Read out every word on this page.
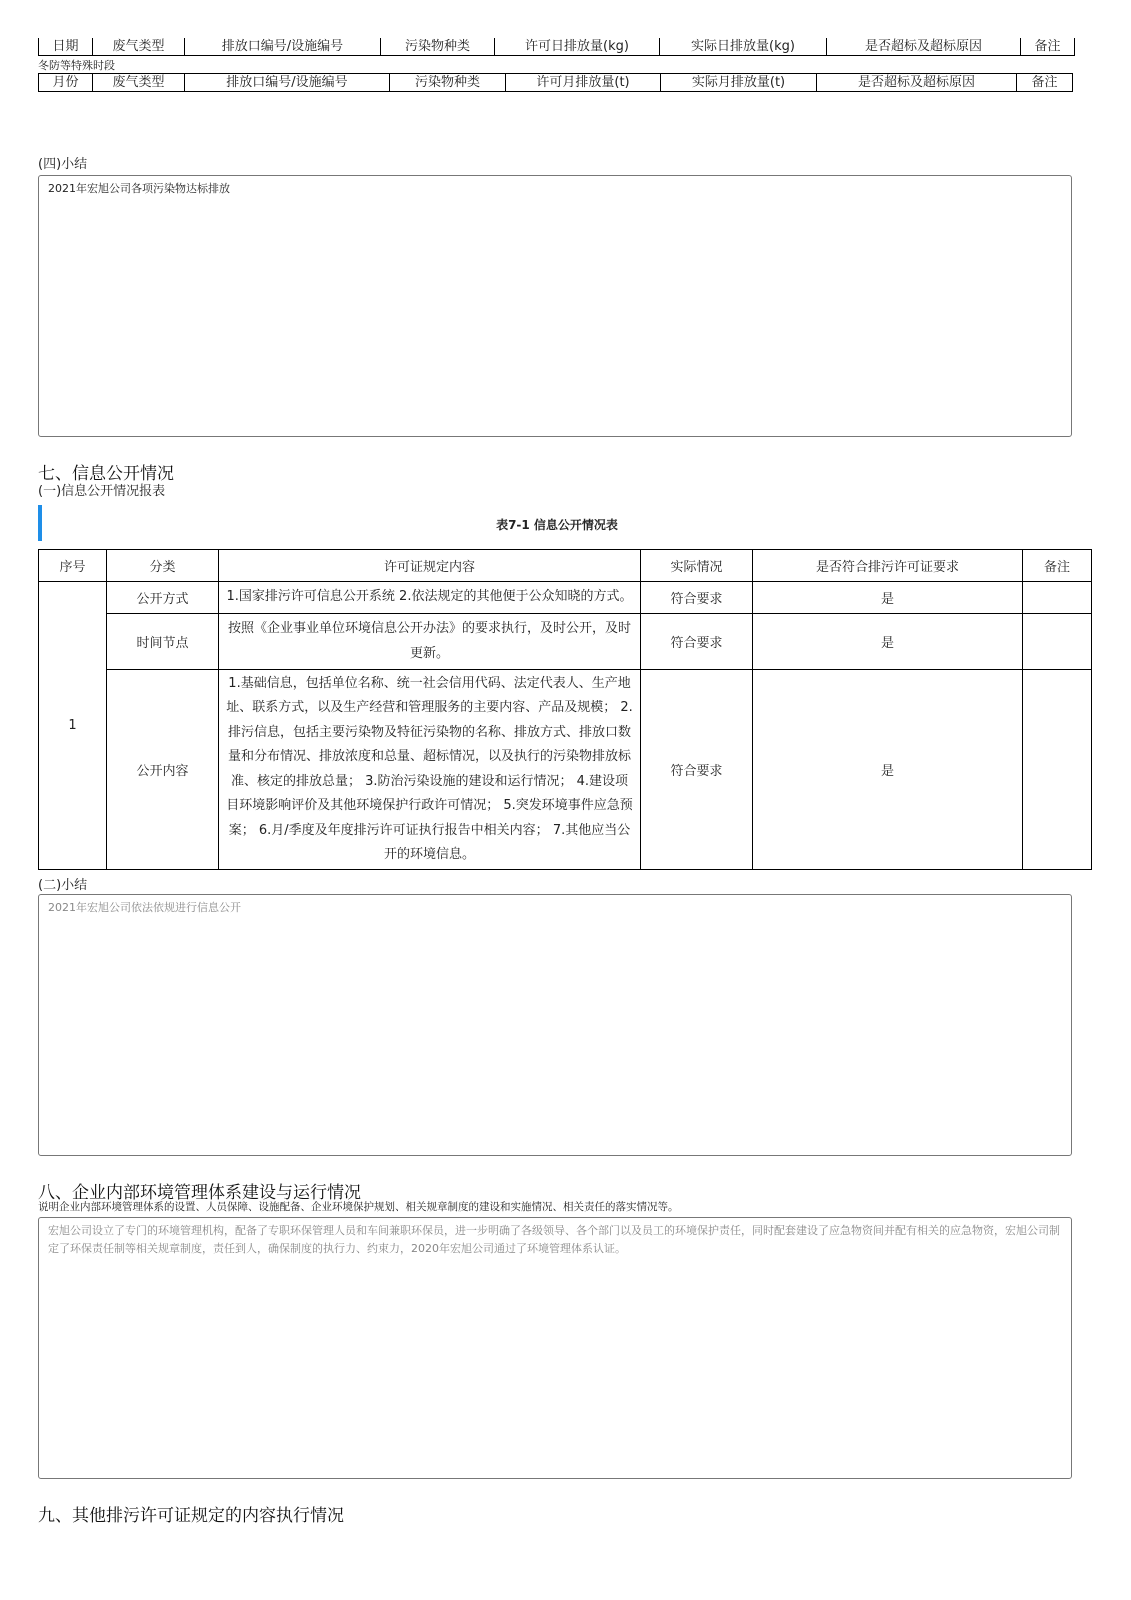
日期	废气类型	排放口编号/设施编号	污染物种类	许可日排放量(kg)	实际日排放量(kg)	是否超标及超标原因	备注
冬防等特殊时段
月份	废气类型	排放口编号/设施编号	污染物种类	许可月排放量(t)	实际月排放量(t)	是否超标及超标原因	备注
(四)小结
2021年宏旭公司各项污染物达标排放
七、信息公开情况
(一)信息公开情况报表
表7-1 信息公开情况表
序号	分类	许可证规定内容	实际情况	是否符合排污许可证要求	备注
1	公开方式	1.国家排污许可信息公开系统 2.依法规定的其他便于公众知晓的方式。	符合要求	是	
	时间节点	按照《企业事业单位环境信息公开办法》的要求执行，及时公开，及时更新。	符合要求	是	
	公开内容	1.基础信息，包括单位名称、统一社会信用代码、法定代表人、生产地址、联系方式，以及生产经营和管理服务的主要内容、产品及规模； 2.排污信息，包括主要污染物及特征污染物的名称、排放方式、排放口数量和分布情况、排放浓度和总量、超标情况，以及执行的污染物排放标准、核定的排放总量； 3.防治污染设施的建设和运行情况； 4.建设项目环境影响评价及其他环境保护行政许可情况； 5.突发环境事件应急预案； 6.月/季度及年度排污许可证执行报告中相关内容； 7.其他应当公开的环境信息。	符合要求	是	
(二)小结
2021年宏旭公司依法依规进行信息公开
八、企业内部环境管理体系建设与运行情况
说明企业内部环境管理体系的设置、人员保障、设施配备、企业环境保护规划、相关规章制度的建设和实施情况、相关责任的落实情况等。
宏旭公司设立了专门的环境管理机构，配备了专职环保管理人员和车间兼职环保员，进一步明确了各级领导、各个部门以及员工的环境保护责任，同时配套建设了应急物资间并配有相关的应急物资，宏旭公司制定了环保责任制等相关规章制度，责任到人，确保制度的执行力、约束力，2020年宏旭公司通过了环境管理体系认证。
九、其他排污许可证规定的内容执行情况
